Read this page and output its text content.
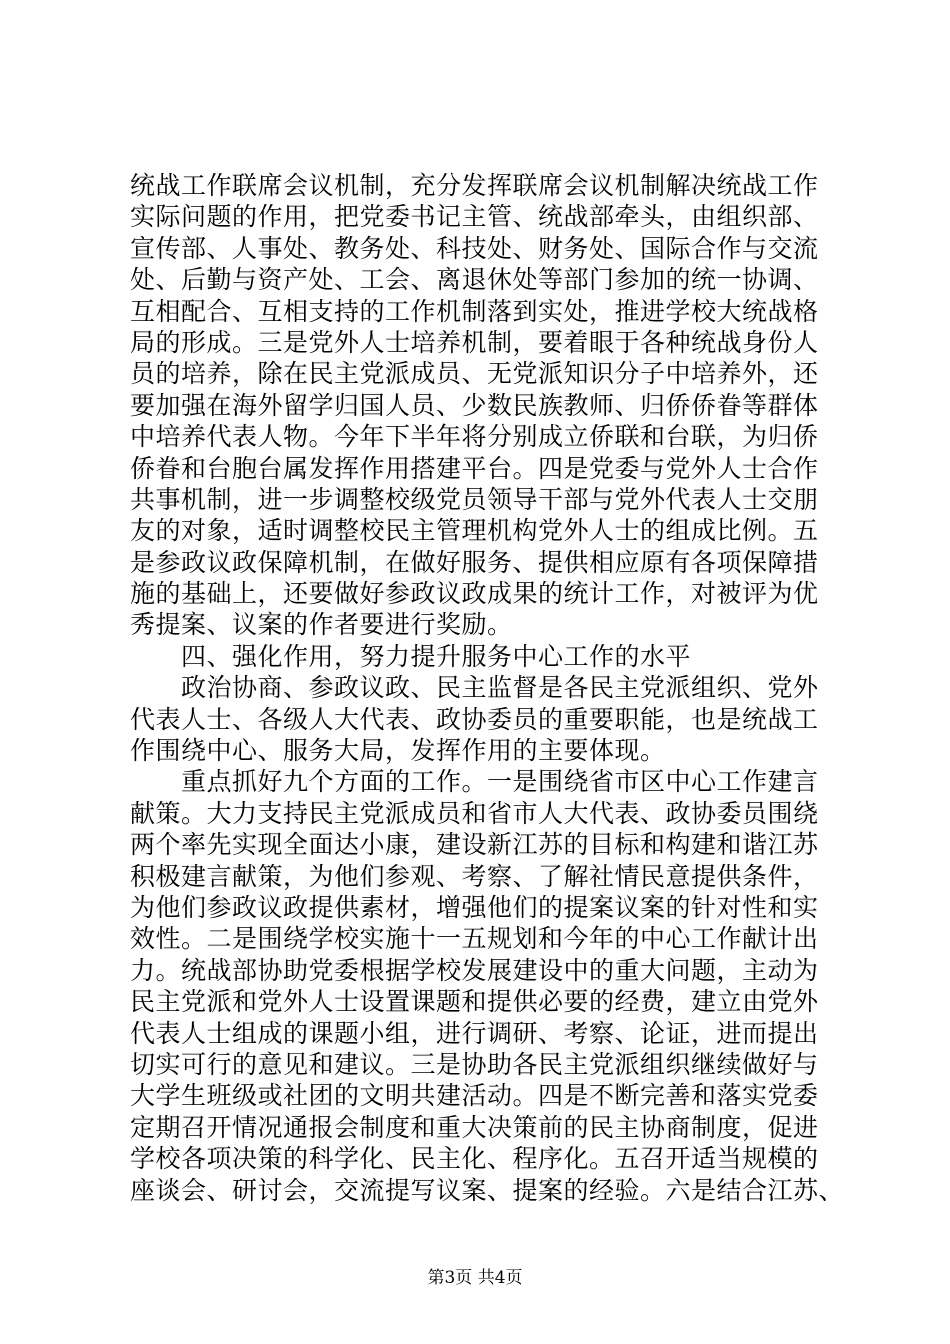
统战工作联席会议机制，充分发挥联席会议机制解决统战工作
实际问题的作用，把党委书记主管、统战部牵头，由组织部、
宣传部、人事处、教务处、科技处、财务处、国际合作与交流
处、后勤与资产处、工会、离退休处等部门参加的统一协调、
互相配合、互相支持的工作机制落到实处，推进学校大统战格
局的形成。三是党外人士培养机制，要着眼于各种统战身份人
员的培养，除在民主党派成员、无党派知识分子中培养外，还
要加强在海外留学归国人员、少数民族教师、归侨侨眷等群体
中培养代表人物。今年下半年将分别成立侨联和台联，为归侨
侨眷和台胞台属发挥作用搭建平台。四是党委与党外人士合作
共事机制，进一步调整校级党员领导干部与党外代表人士交朋
友的对象，适时调整校民主管理机构党外人士的组成比例。五
是参政议政保障机制，在做好服务、提供相应原有各项保障措
施的基础上，还要做好参政议政成果的统计工作，对被评为优
秀提案、议案的作者要进行奖励。
　　四、强化作用，努力提升服务中心工作的水平
　　政治协商、参政议政、民主监督是各民主党派组织、党外
代表人士、各级人大代表、政协委员的重要职能，也是统战工
作围绕中心、服务大局，发挥作用的主要体现。
　　重点抓好九个方面的工作。一是围绕省市区中心工作建言
献策。大力支持民主党派成员和省市人大代表、政协委员围绕
两个率先实现全面达小康，建设新江苏的目标和构建和谐江苏
积极建言献策，为他们参观、考察、了解社情民意提供条件，
为他们参政议政提供素材，增强他们的提案议案的针对性和实
效性。二是围绕学校实施十一五规划和今年的中心工作献计出
力。统战部协助党委根据学校发展建设中的重大问题，主动为
民主党派和党外人士设置课题和提供必要的经费，建立由党外
代表人士组成的课题小组，进行调研、考察、论证，进而提出
切实可行的意见和建议。三是协助各民主党派组织继续做好与
大学生班级或社团的文明共建活动。四是不断完善和落实党委
定期召开情况通报会制度和重大决策前的民主协商制度，促进
学校各项决策的科学化、民主化、程序化。五召开适当规模的
座谈会、研讨会，交流提写议案、提案的经验。六是结合江苏、
第3页 共4页
